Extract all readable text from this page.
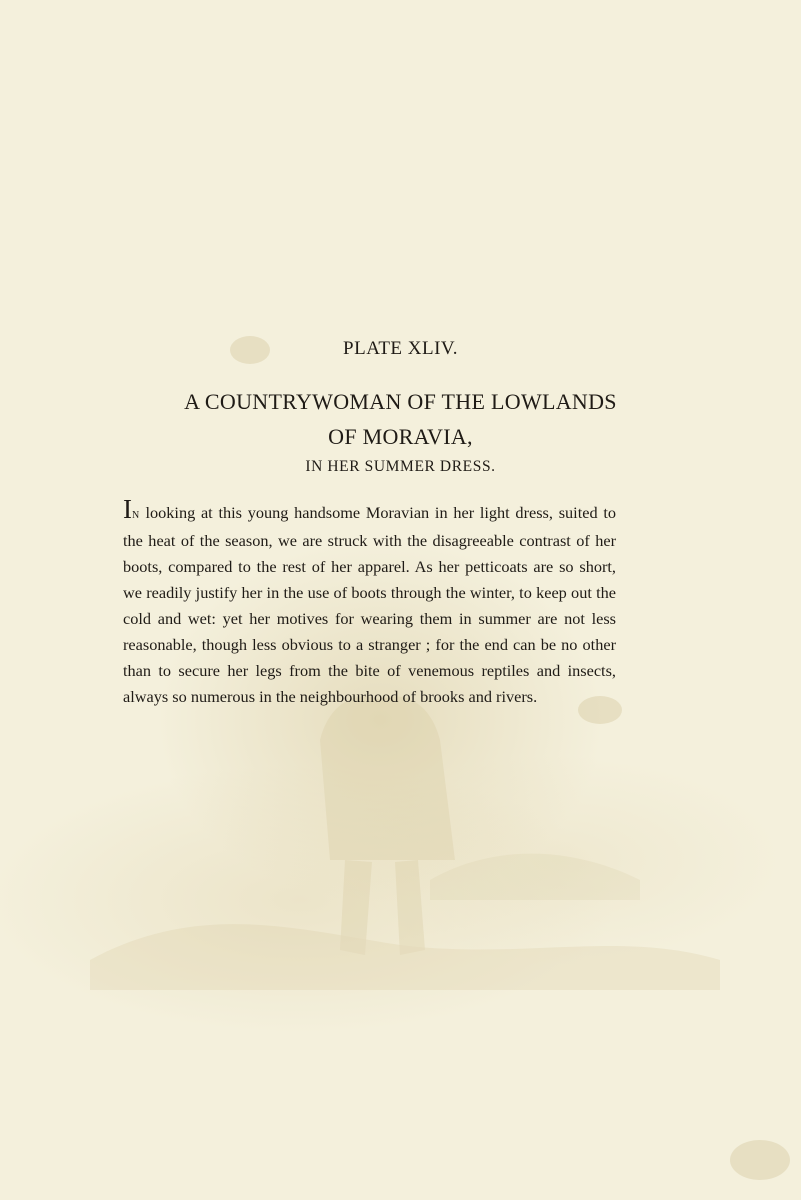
PLATE XLIV.
A COUNTRYWOMAN OF THE LOWLANDS
OF MORAVIA,
IN HER SUMMER DRESS.

In looking at this young handsome Moravian in her light dress, suited to the heat of the season, we are struck with the disagreeable contrast of her boots, compared to the rest of her apparel. As her petticoats are so short, we readily justify her in the use of boots through the winter, to keep out the cold and wet: yet her motives for wearing them in summer are not less reasonable, though less obvious to a stranger ; for the end can be no other than to secure her legs from the bite of venemous reptiles and insects, always so numerous in the neighbourhood of brooks and rivers.
